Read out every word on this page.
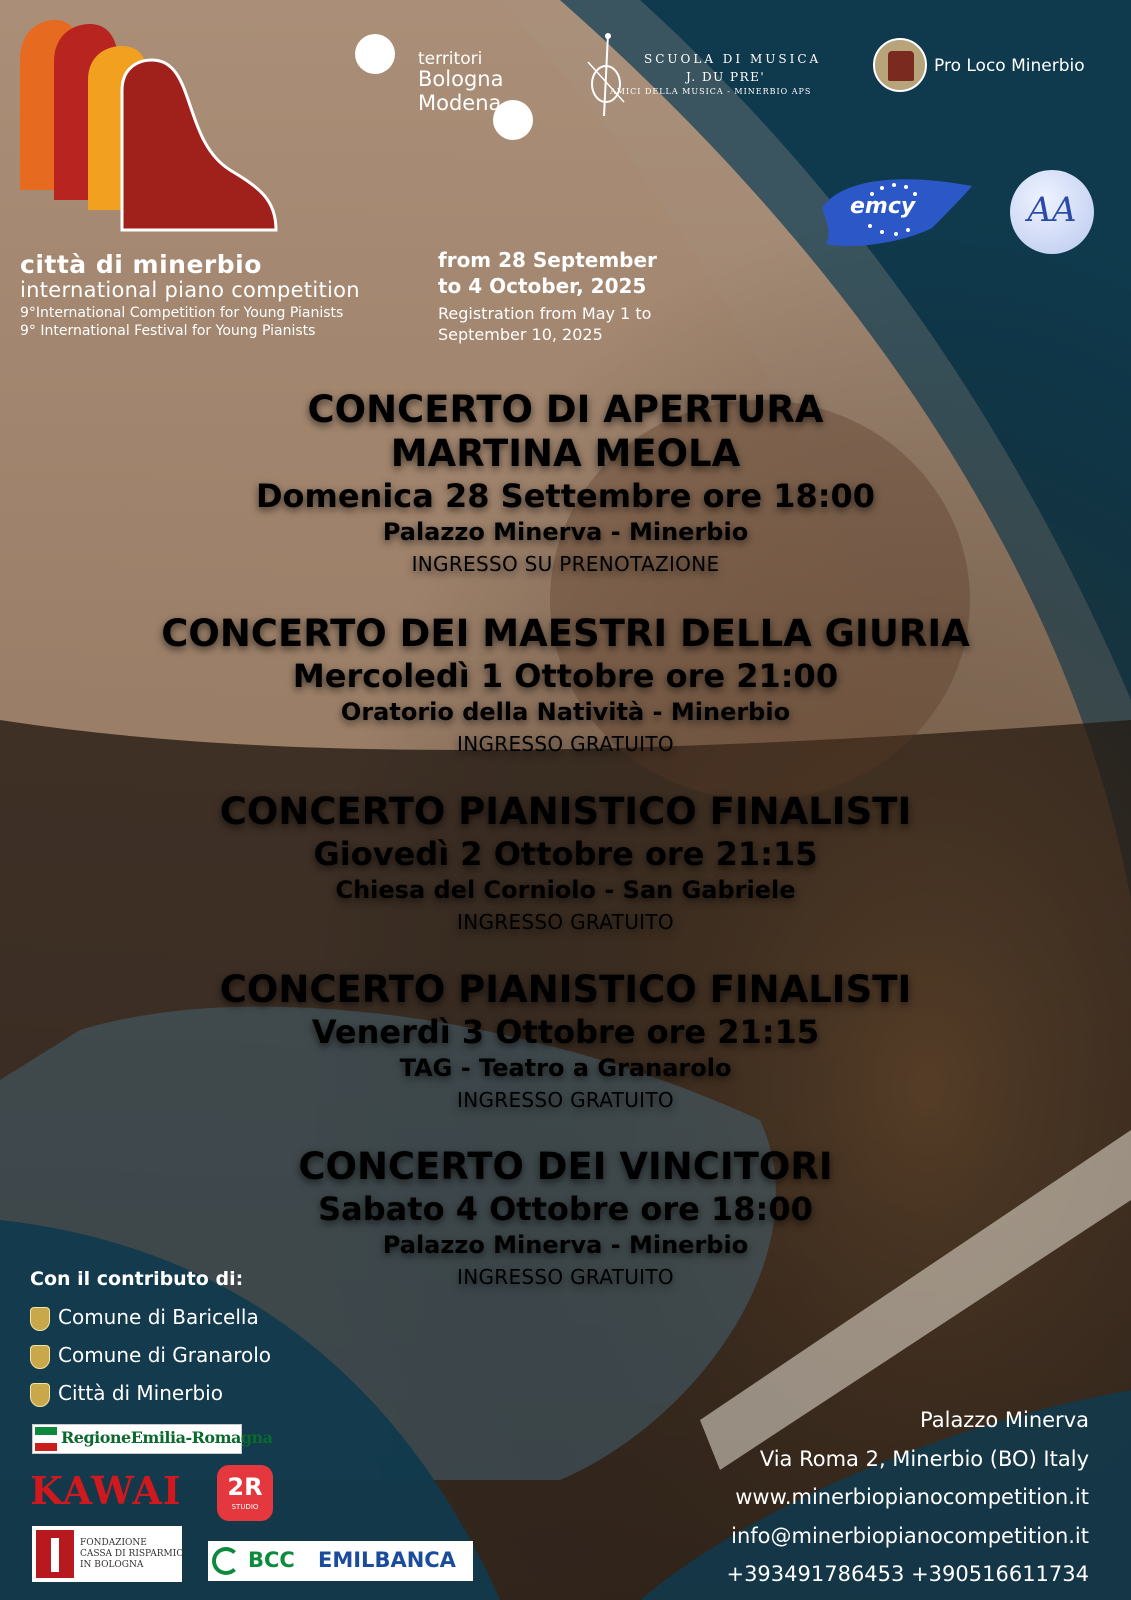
città di minerbio
international piano competition
9°International Competition for Young Pianists
9° International Festival for Young Pianists
from 28 September
to 4 October, 2025
Registration from May 1 to
September 10, 2025
territori
Bologna
Modena
SCUOLA DI MUSICA
J. DU PRE'
AMICI DELLA MUSICA - MINERBIO APS
Pro Loco Minerbio
emcy	AA
CONCERTO DI APERTURA
MARTINA MEOLA
Domenica 28 Settembre ore 18:00
Palazzo Minerva - Minerbio
INGRESSO SU PRENOTAZIONE
CONCERTO DEI MAESTRI DELLA GIURIA
Mercoledì 1 Ottobre ore 21:00
Oratorio della Natività - Minerbio
INGRESSO GRATUITO
CONCERTO PIANISTICO FINALISTI
Giovedì 2 Ottobre ore 21:15
Chiesa del Corniolo - San Gabriele
INGRESSO GRATUITO
CONCERTO PIANISTICO FINALISTI
Venerdì 3 Ottobre ore 21:15
TAG - Teatro a Granarolo
INGRESSO GRATUITO
CONCERTO DEI VINCITORI
Sabato 4 Ottobre ore 18:00
Palazzo Minerva - Minerbio
INGRESSO GRATUITO
Con il contributo di:
Comune di Baricella
Comune di Granarolo
Città di Minerbio
RegioneEmilia-Romagna
KAWAI	2R
STUDIO
FONDAZIONE
CASSA DI RISPARMIO
IN BOLOGNA	BCC EMILBANCA
Palazzo Minerva
Via Roma 2, Minerbio (BO) Italy
www.minerbiopianocompetition.it
info@minerbiopianocompetition.it
+393491786453 +390516611734
